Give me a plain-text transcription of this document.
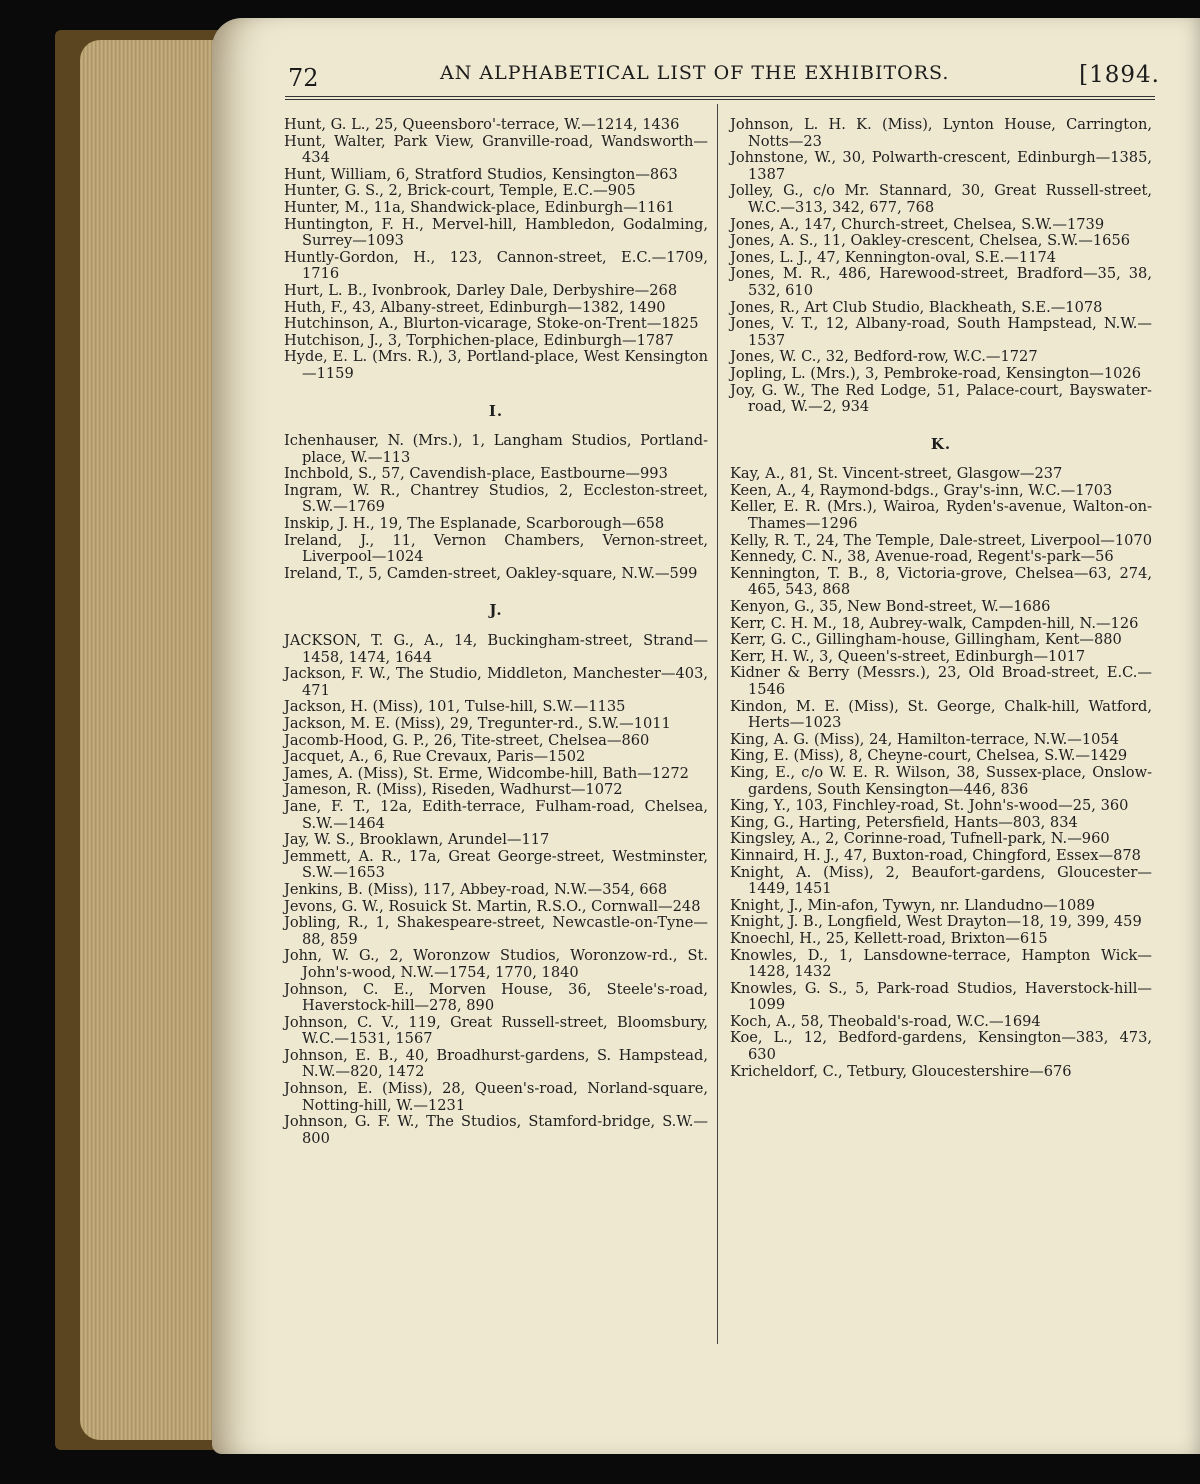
72	AN ALPHABETICAL LIST OF THE EXHIBITORS.	[1894.

Hunt, G. L., 25, Queensboro'-terrace, W.—1214, 1436

Hunt, Walter, Park View, Granville-road, Wandsworth—434

Hunt, William, 6, Stratford Studios, Kensington—863

Hunter, G. S., 2, Brick-court, Temple, E.C.—905

Hunter, M., 11a, Shandwick-place, Edinburgh—1161

Huntington, F. H., Mervel-hill, Hambledon, Godalming, Surrey—1093

Huntly-Gordon, H., 123, Cannon-street, E.C.—1709, 1716

Hurt, L. B., Ivonbrook, Darley Dale, Derbyshire—268

Huth, F., 43, Albany-street, Edinburgh—1382, 1490

Hutchinson, A., Blurton-vicarage, Stoke-on-Trent—1825

Hutchison, J., 3, Torphichen-place, Edinburgh—1787

Hyde, E. L. (Mrs. R.), 3, Portland-place, West Kensington—1159

I.

Ichenhauser, N. (Mrs.), 1, Langham Studios, Portland-place, W.—113

Inchbold, S., 57, Cavendish-place, Eastbourne—993

Ingram, W. R., Chantrey Studios, 2, Eccleston-street, S.W.—1769

Inskip, J. H., 19, The Esplanade, Scarborough—658

Ireland, J., 11, Vernon Chambers, Vernon-street, Liverpool—1024

Ireland, T., 5, Camden-street, Oakley-square, N.W.—599

J.

JACKSON, T. G., A., 14, Buckingham-street, Strand—1458, 1474, 1644

Jackson, F. W., The Studio, Middleton, Manchester—403, 471

Jackson, H. (Miss), 101, Tulse-hill, S.W.—1135

Jackson, M. E. (Miss), 29, Tregunter-rd., S.W.—1011

Jacomb-Hood, G. P., 26, Tite-street, Chelsea—860

Jacquet, A., 6, Rue Crevaux, Paris—1502

James, A. (Miss), St. Erme, Widcombe-hill, Bath—1272

Jameson, R. (Miss), Riseden, Wadhurst—1072

Jane, F. T., 12a, Edith-terrace, Fulham-road, Chelsea, S.W.—1464

Jay, W. S., Brooklawn, Arundel—117

Jemmett, A. R., 17a, Great George-street, Westminster, S.W.—1653

Jenkins, B. (Miss), 117, Abbey-road, N.W.—354, 668

Jevons, G. W., Rosuick St. Martin, R.S.O., Cornwall—248

Jobling, R., 1, Shakespeare-street, Newcastle-on-Tyne—88, 859

John, W. G., 2, Woronzow Studios, Woronzow-rd., St. John's-wood, N.W.—1754, 1770, 1840

Johnson, C. E., Morven House, 36, Steele's-road, Haverstock-hill—278, 890

Johnson, C. V., 119, Great Russell-street, Bloomsbury, W.C.—1531, 1567

Johnson, E. B., 40, Broadhurst-gardens, S. Hampstead, N.W.—820, 1472

Johnson, E. (Miss), 28, Queen's-road, Norland-square, Notting-hill, W.—1231

Johnson, G. F. W., The Studios, Stamford-bridge, S.W.—800

Johnson, L. H. K. (Miss), Lynton House, Carrington, Notts—23

Johnstone, W., 30, Polwarth-crescent, Edinburgh—1385, 1387

Jolley, G., c/o Mr. Stannard, 30, Great Russell-street, W.C.—313, 342, 677, 768

Jones, A., 147, Church-street, Chelsea, S.W.—1739

Jones, A. S., 11, Oakley-crescent, Chelsea, S.W.—1656

Jones, L. J., 47, Kennington-oval, S.E.—1174

Jones, M. R., 486, Harewood-street, Bradford—35, 38, 532, 610

Jones, R., Art Club Studio, Blackheath, S.E.—1078

Jones, V. T., 12, Albany-road, South Hampstead, N.W.—1537

Jones, W. C., 32, Bedford-row, W.C.—1727

Jopling, L. (Mrs.), 3, Pembroke-road, Kensington—1026

Joy, G. W., The Red Lodge, 51, Palace-court, Bayswater-road, W.—2, 934

K.

Kay, A., 81, St. Vincent-street, Glasgow—237

Keen, A., 4, Raymond-bdgs., Gray's-inn, W.C.—1703

Keller, E. R. (Mrs.), Wairoa, Ryden's-avenue, Walton-on-Thames—1296

Kelly, R. T., 24, The Temple, Dale-street, Liverpool—1070

Kennedy, C. N., 38, Avenue-road, Regent's-park—56

Kennington, T. B., 8, Victoria-grove, Chelsea—63, 274, 465, 543, 868

Kenyon, G., 35, New Bond-street, W.—1686

Kerr, C. H. M., 18, Aubrey-walk, Campden-hill, N.—126

Kerr, G. C., Gillingham-house, Gillingham, Kent—880

Kerr, H. W., 3, Queen's-street, Edinburgh—1017

Kidner & Berry (Messrs.), 23, Old Broad-street, E.C.—1546

Kindon, M. E. (Miss), St. George, Chalk-hill, Watford, Herts—1023

King, A. G. (Miss), 24, Hamilton-terrace, N.W.—1054

King, E. (Miss), 8, Cheyne-court, Chelsea, S.W.—1429

King, E., c/o W. E. R. Wilson, 38, Sussex-place, Onslow-gardens, South Kensington—446, 836

King, Y., 103, Finchley-road, St. John's-wood—25, 360

King, G., Harting, Petersfield, Hants—803, 834

Kingsley, A., 2, Corinne-road, Tufnell-park, N.—960

Kinnaird, H. J., 47, Buxton-road, Chingford, Essex—878

Knight, A. (Miss), 2, Beaufort-gardens, Gloucester—1449, 1451

Knight, J., Min-afon, Tywyn, nr. Llandudno—1089

Knight, J. B., Longfield, West Drayton—18, 19, 399, 459

Knoechl, H., 25, Kellett-road, Brixton—615

Knowles, D., 1, Lansdowne-terrace, Hampton Wick—1428, 1432

Knowles, G. S., 5, Park-road Studios, Haverstock-hill—1099

Koch, A., 58, Theobald's-road, W.C.—1694

Koe, L., 12, Bedford-gardens, Kensington—383, 473, 630

Kricheldorf, C., Tetbury, Gloucestershire—676
